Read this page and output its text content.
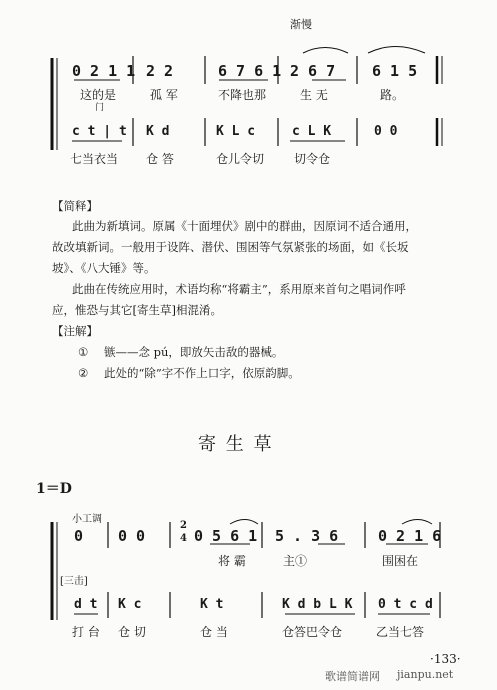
渐慢
0 2 1 1 2 2	6 7 6 1 2 6 7 6 1 5
这的是
门
孤 军	不降也那	生 无	路。
c t | t K d	K L c	c L K	0 0
七当衣当 仓 答	仓儿令切 切令仓
【简释】
此曲为新填词。原属《十面埋伏》剧中的群曲，因原词不适合通用，
故改填新词。一般用于设阵、潜伏、围困等气氛紧张的场面，如《长坂
坡》、《八大锤》等。
此曲在传统应用时，术语均称“将霸主”，系用原来首句之唱词作呼
应，惟恐与其它[寄生草]相混淆。
【注解】
① 镞——念 pú，即放矢击敌的器械。
② 此处的“除”字不作上口字，依原韵脚。
寄 生 草
1＝D
小工调
[三击]
0 0 0
2
4 0 5 6 1 5 . 3 6	0 2 1 6
将 霸	主①	围困在
d t K c	K t	K d b L K 0 t c d
打 台 仓 切	仓 当	仓答巴令仓	乙当七答
·133·
歌谱简谱网 jianpu.net
